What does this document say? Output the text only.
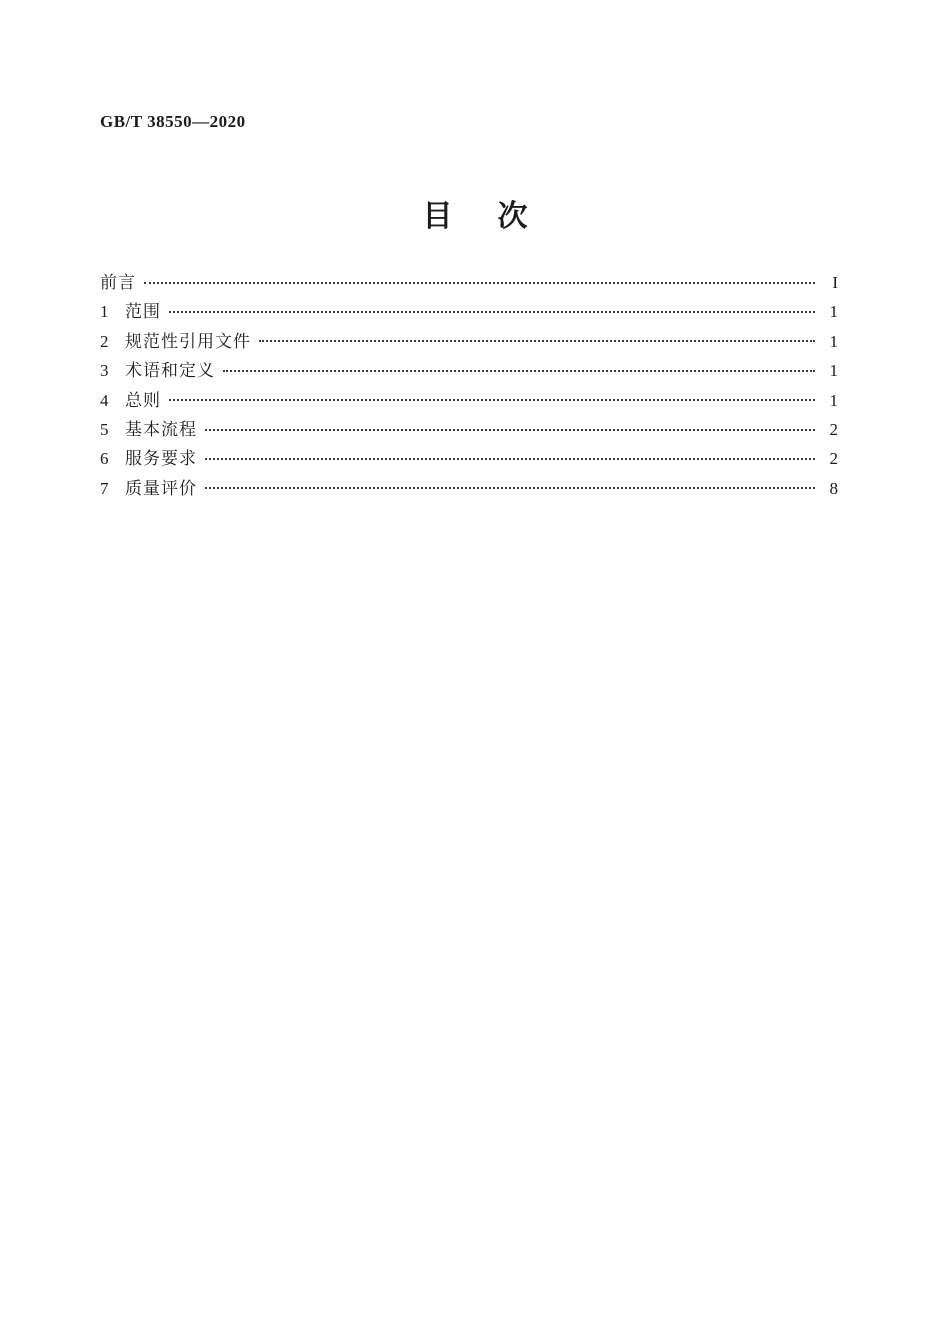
GB/T 38550—2020
目次
前言	I
1 范围	1
2 规范性引用文件	1
3 术语和定义	1
4 总则	1
5 基本流程	2
6 服务要求	2
7 质量评价	8
